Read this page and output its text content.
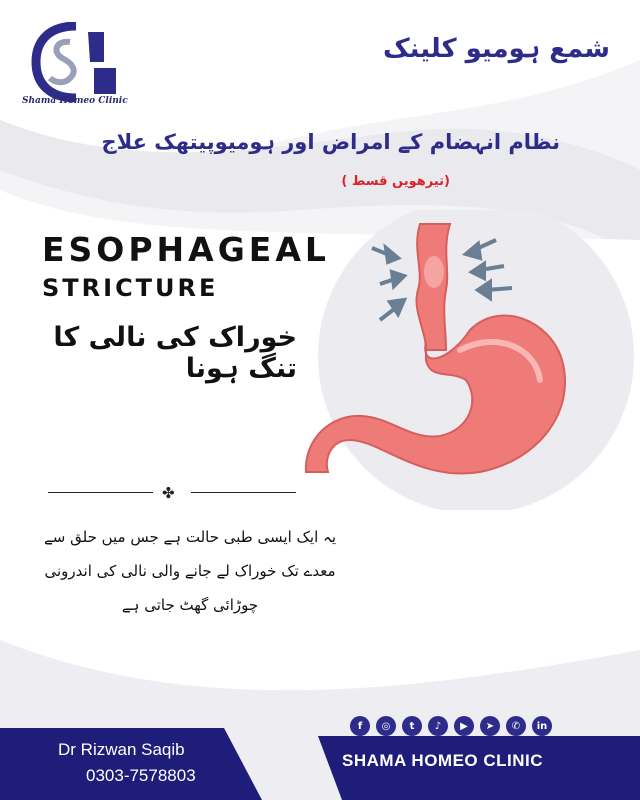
Shama Homeo Clinic
شمع ہومیو کلینک
نظام انہضام کے امراض اور ہومیوپیتھک علاج
(تیرھویں قسط )
ESOPHAGEAL
STRICTURE
خوراک کی نالی کا تنگ ہونا
✤
یہ ایک ایسی طبی حالت ہے جس میں حلق سے
معدے تک خوراک لے جانے والی نالی کی اندرونی
چوڑائی گھٹ جاتی ہے
f	◎	t	♪	▶	➤	✆	in
Dr Rizwan Saqib
0303-7578803
SHAMA HOMEO CLINIC
